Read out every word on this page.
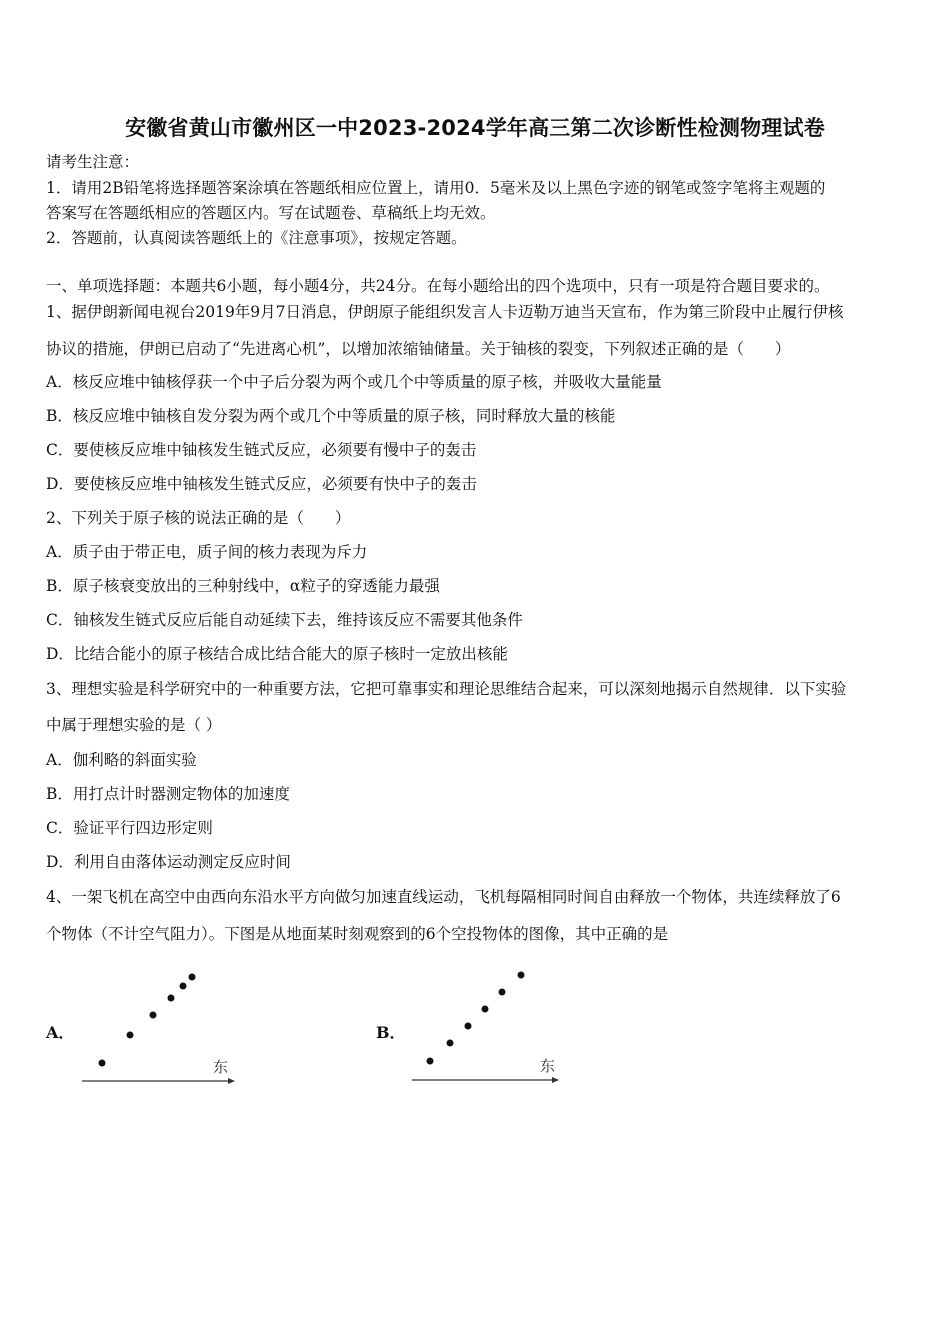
安徽省黄山市徽州区一中2023-2024学年高三第二次诊断性检测物理试卷
请考生注意：
1．请用2B铅笔将选择题答案涂填在答题纸相应位置上，请用0．5毫米及以上黑色字迹的钢笔或签字笔将主观题的
答案写在答题纸相应的答题区内。写在试题卷、草稿纸上均无效。
2．答题前，认真阅读答题纸上的《注意事项》，按规定答题。
一、单项选择题：本题共6小题，每小题4分，共24分。在每小题给出的四个选项中，只有一项是符合题目要求的。
1、据伊朗新闻电视台2019年9月7日消息，伊朗原子能组织发言人卡迈勒万迪当天宣布，作为第三阶段中止履行伊核
协议的措施，伊朗已启动了“先进离心机”，以增加浓缩铀储量。关于铀核的裂变，下列叙述正确的是（　　）
A．核反应堆中铀核俘获一个中子后分裂为两个或几个中等质量的原子核，并吸收大量能量
B．核反应堆中铀核自发分裂为两个或几个中等质量的原子核，同时释放大量的核能
C．要使核反应堆中铀核发生链式反应，必须要有慢中子的轰击
D．要使核反应堆中铀核发生链式反应，必须要有快中子的轰击
2、下列关于原子核的说法正确的是（　　）
A．质子由于带正电，质子间的核力表现为斥力
B．原子核衰变放出的三种射线中，α粒子的穿透能力最强
C．铀核发生链式反应后能自动延续下去，维持该反应不需要其他条件
D．比结合能小的原子核结合成比结合能大的原子核时一定放出核能
3、理想实验是科学研究中的一种重要方法，它把可靠事实和理论思维结合起来，可以深刻地揭示自然规律．以下实验
中属于理想实验的是（ ）
A．伽利略的斜面实验
B．用打点计时器测定物体的加速度
C．验证平行四边形定则
D．利用自由落体运动测定反应时间
4、一架飞机在高空中由西向东沿水平方向做匀加速直线运动，飞机每隔相同时间自由释放一个物体，共连续释放了6
个物体（不计空气阻力）。下图是从地面某时刻观察到的6个空投物体的图像，其中正确的是
A．
东
B．
东
